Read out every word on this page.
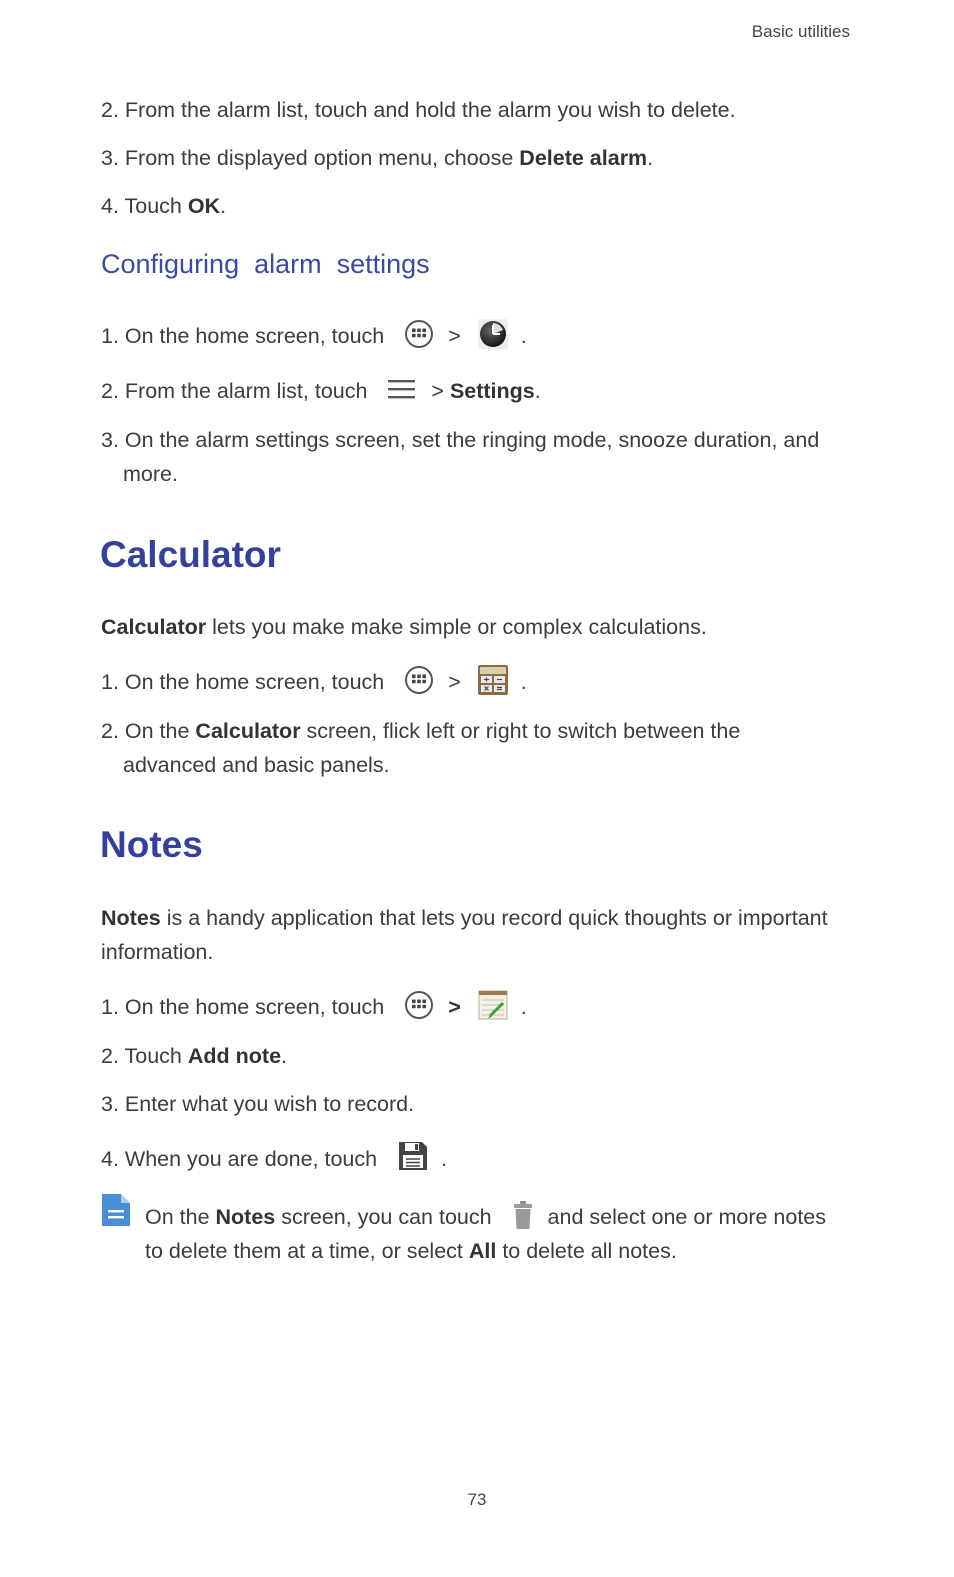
Basic utilities
2. From the alarm list, touch and hold the alarm you wish to delete.
3. From the displayed option menu, choose Delete alarm.
4. Touch OK.
Configuring  alarm  settings
1. On the home screen, touch	>	.
2. From the alarm list, touch	> Settings.
3. On the alarm settings screen, set the ringing mode, snooze duration, and
more.
Calculator
Calculator lets you make make simple or complex calculations.
1. On the home screen, touch	>	.
2. On the Calculator screen, flick left or right to switch between the
advanced and basic panels.
Notes
Notes is a handy application that lets you record quick thoughts or important
information.
1. On the home screen, touch	>	.
2. Touch Add note.
3. Enter what you wish to record.
4. When you are done, touch	.
On the Notes screen, you can touch	and select one or more notes
to delete them at a time, or select All to delete all notes.
73
